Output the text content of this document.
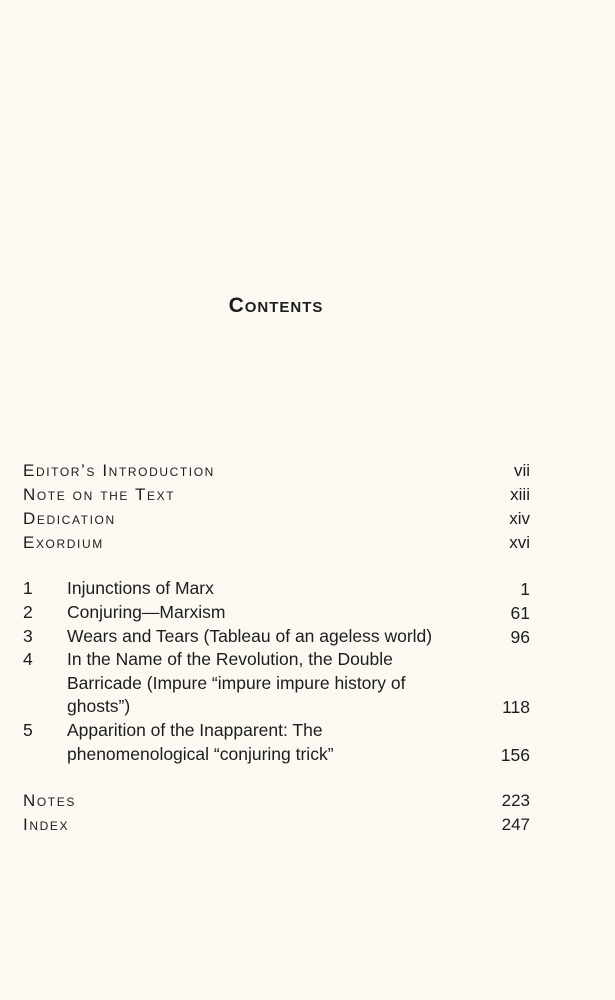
Contents
Editor’s Introduction	vii
Note on the Text	xiii
Dedication	xiv
Exordium	xvi
1 Injunctions of Marx	1
2 Conjuring—Marxism	61
3 Wears and Tears (Tableau of an ageless world)	96
4 In the Name of the Revolution, the Double Barricade (Impure “impure impure history of ghosts”)	118
5 Apparition of the Inapparent: The phenomenological “conjuring trick”	156
Notes	223
Index	247
